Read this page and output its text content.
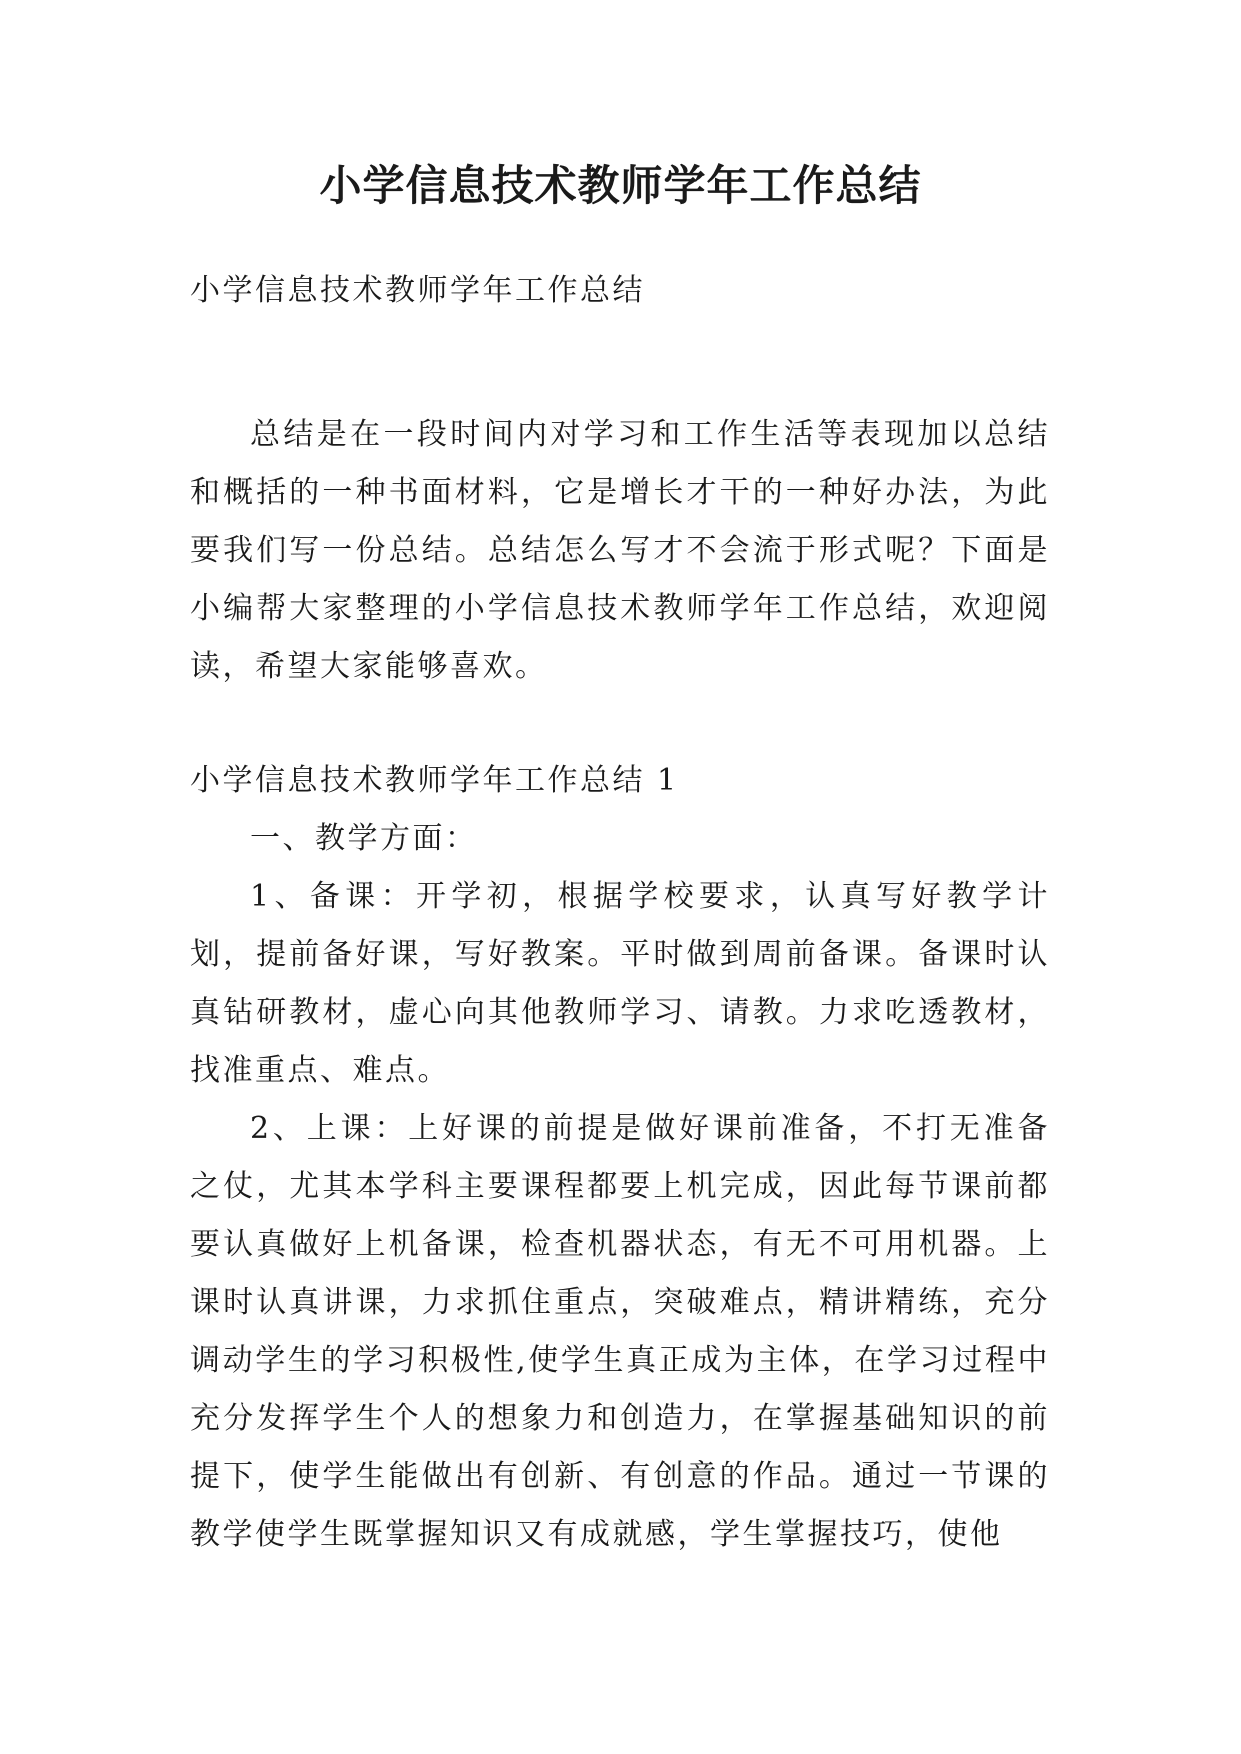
小学信息技术教师学年工作总结
小学信息技术教师学年工作总结

总结是在一段时间内对学习和工作生活等表现加以总结和概括的一种书面材料，它是增长才干的一种好办法，为此要我们写一份总结。总结怎么写才不会流于形式呢？下面是小编帮大家整理的小学信息技术教师学年工作总结，欢迎阅读，希望大家能够喜欢。

小学信息技术教师学年工作总结 1

一、教学方面：

1、备课：开学初，根据学校要求，认真写好教学计划，提前备好课，写好教案。平时做到周前备课。备课时认真钻研教材，虚心向其他教师学习、请教。力求吃透教材，找准重点、难点。

2、上课：上好课的前提是做好课前准备，不打无准备之仗，尤其本学科主要课程都要上机完成，因此每节课前都要认真做好上机备课，检查机器状态，有无不可用机器。上课时认真讲课，力求抓住重点，突破难点，精讲精练，充分调动学生的学习积极性,使学生真正成为主体，在学习过程中充分发挥学生个人的想象力和创造力，在掌握基础知识的前提下，使学生能做出有创新、有创意的作品。通过一节课的教学使学生既掌握知识又有成就感，学生掌握技巧，使他
